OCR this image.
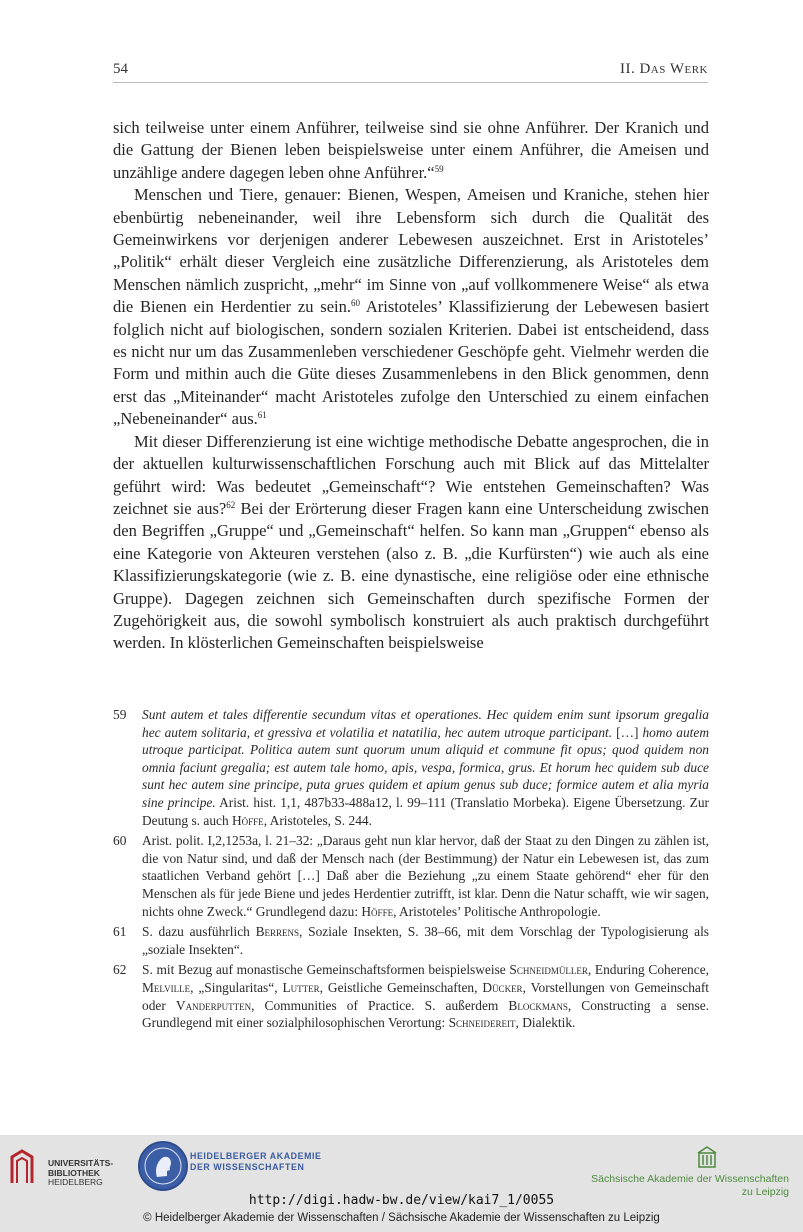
54	II. Das Werk

sich teilweise unter einem Anführer, teilweise sind sie ohne Anführer. Der Kranich und die Gattung der Bienen leben beispielsweise unter einem Anführer, die Ameisen und unzählige andere dagegen leben ohne Anführer.“$^{59}$

Menschen und Tiere, genauer: Bienen, Wespen, Ameisen und Kraniche, stehen hier ebenbürtig nebeneinander, weil ihre Lebensform sich durch die Qualität des Gemeinwirkens vor derjenigen anderer Lebewesen auszeichnet. Erst in Aristoteles’ „Politik“ erhält dieser Vergleich eine zusätzliche Differenzierung, als Aristoteles dem Menschen nämlich zuspricht, „mehr“ im Sinne von „auf vollkommenere Weise“ als etwa die Bienen ein Herdentier zu sein.$^{60}$ Aristoteles’ Klassifizierung der Lebewesen basiert folglich nicht auf biologischen, sondern sozialen Kriterien. Dabei ist entscheidend, dass es nicht nur um das Zusammenleben verschiedener Geschöpfe geht. Vielmehr werden die Form und mithin auch die Güte dieses Zusammenlebens in den Blick genommen, denn erst das „Miteinander“ macht Aristoteles zufolge den Unterschied zu einem einfachen „Nebeneinander“ aus.$^{61}$

Mit dieser Differenzierung ist eine wichtige methodische Debatte angesprochen, die in der aktuellen kulturwissenschaftlichen Forschung auch mit Blick auf das Mittelalter geführt wird: Was bedeutet „Gemeinschaft“? Wie entstehen Gemeinschaften? Was zeichnet sie aus?$^{62}$ Bei der Erörterung dieser Fragen kann eine Unterscheidung zwischen den Begriffen „Gruppe“ und „Gemeinschaft“ helfen. So kann man „Gruppen“ ebenso als eine Kategorie von Akteuren verstehen (also z. B. „die Kurfürsten“) wie auch als eine Klassifizierungskategorie (wie z. B. eine dynastische, eine religiöse oder eine ethnische Gruppe). Dagegen zeichnen sich Gemeinschaften durch spezifische Formen der Zugehörigkeit aus, die sowohl symbolisch konstruiert als auch praktisch durchgeführt werden. In klösterlichen Gemeinschaften beispielsweise

59 Sunt autem et tales differentie secundum vitas et operationes. Hec quidem enim sunt ipsorum gregalia hec autem solitaria, et gressiva et volatilia et natatilia, hec autem utroque participant. […] homo autem utroque participat. Politica autem sunt quorum unum aliquid et commune fit opus; quod quidem non omnia faciunt gregalia; est autem tale homo, apis, vespa, formica, grus. Et horum hec quidem sub duce sunt hec autem sine principe, puta grues quidem et apium genus sub duce; formice autem et alia myria sine principe. Arist. hist. 1,1, 487b33-488a12, l. 99–111 (Translatio Morbeka). Eigene Übersetzung. Zur Deutung s. auch Höffe, Aristoteles, S. 244.
60 Arist. polit. I,2,1253a, l. 21–32: „Daraus geht nun klar hervor, daß der Staat zu den Dingen zu zählen ist, die von Natur sind, und daß der Mensch nach (der Bestimmung) der Natur ein Lebewesen ist, das zum staatlichen Verband gehört […] Daß aber die Beziehung „zu einem Staate gehörend“ eher für den Menschen als für jede Biene und jedes Herdentier zutrifft, ist klar. Denn die Natur schafft, wie wir sagen, nichts ohne Zweck.“ Grundlegend dazu: Höffe, Aristoteles’ Politische Anthropologie.
61 S. dazu ausführlich Berrens, Soziale Insekten, S. 38–66, mit dem Vorschlag der Typologisierung als „soziale Insekten“.
62 S. mit Bezug auf monastische Gemeinschaftsformen beispielsweise Schneidmüller, Enduring Coherence, Melville, „Singularitas“, Lutter, Geistliche Gemeinschaften, Dücker, Vorstellungen von Gemeinschaft oder Vanderputten, Communities of Practice. S. außerdem Blockmans, Constructing a sense. Grundlegend mit einer sozialphilosophischen Verortung: Schneidereit, Dialektik.
UNIVERSITÄTS-
BIBLIOTHEK
HEIDELBERG
HEIDELBERGER AKADEMIE
DER WISSENSCHAFTEN
Sächsische Akademie der Wissenschaften
zu Leipzig
http://digi.hadw-bw.de/view/kai7_1/0055
© Heidelberger Akademie der Wissenschaften / Sächsische Akademie der Wissenschaften zu Leipzig
